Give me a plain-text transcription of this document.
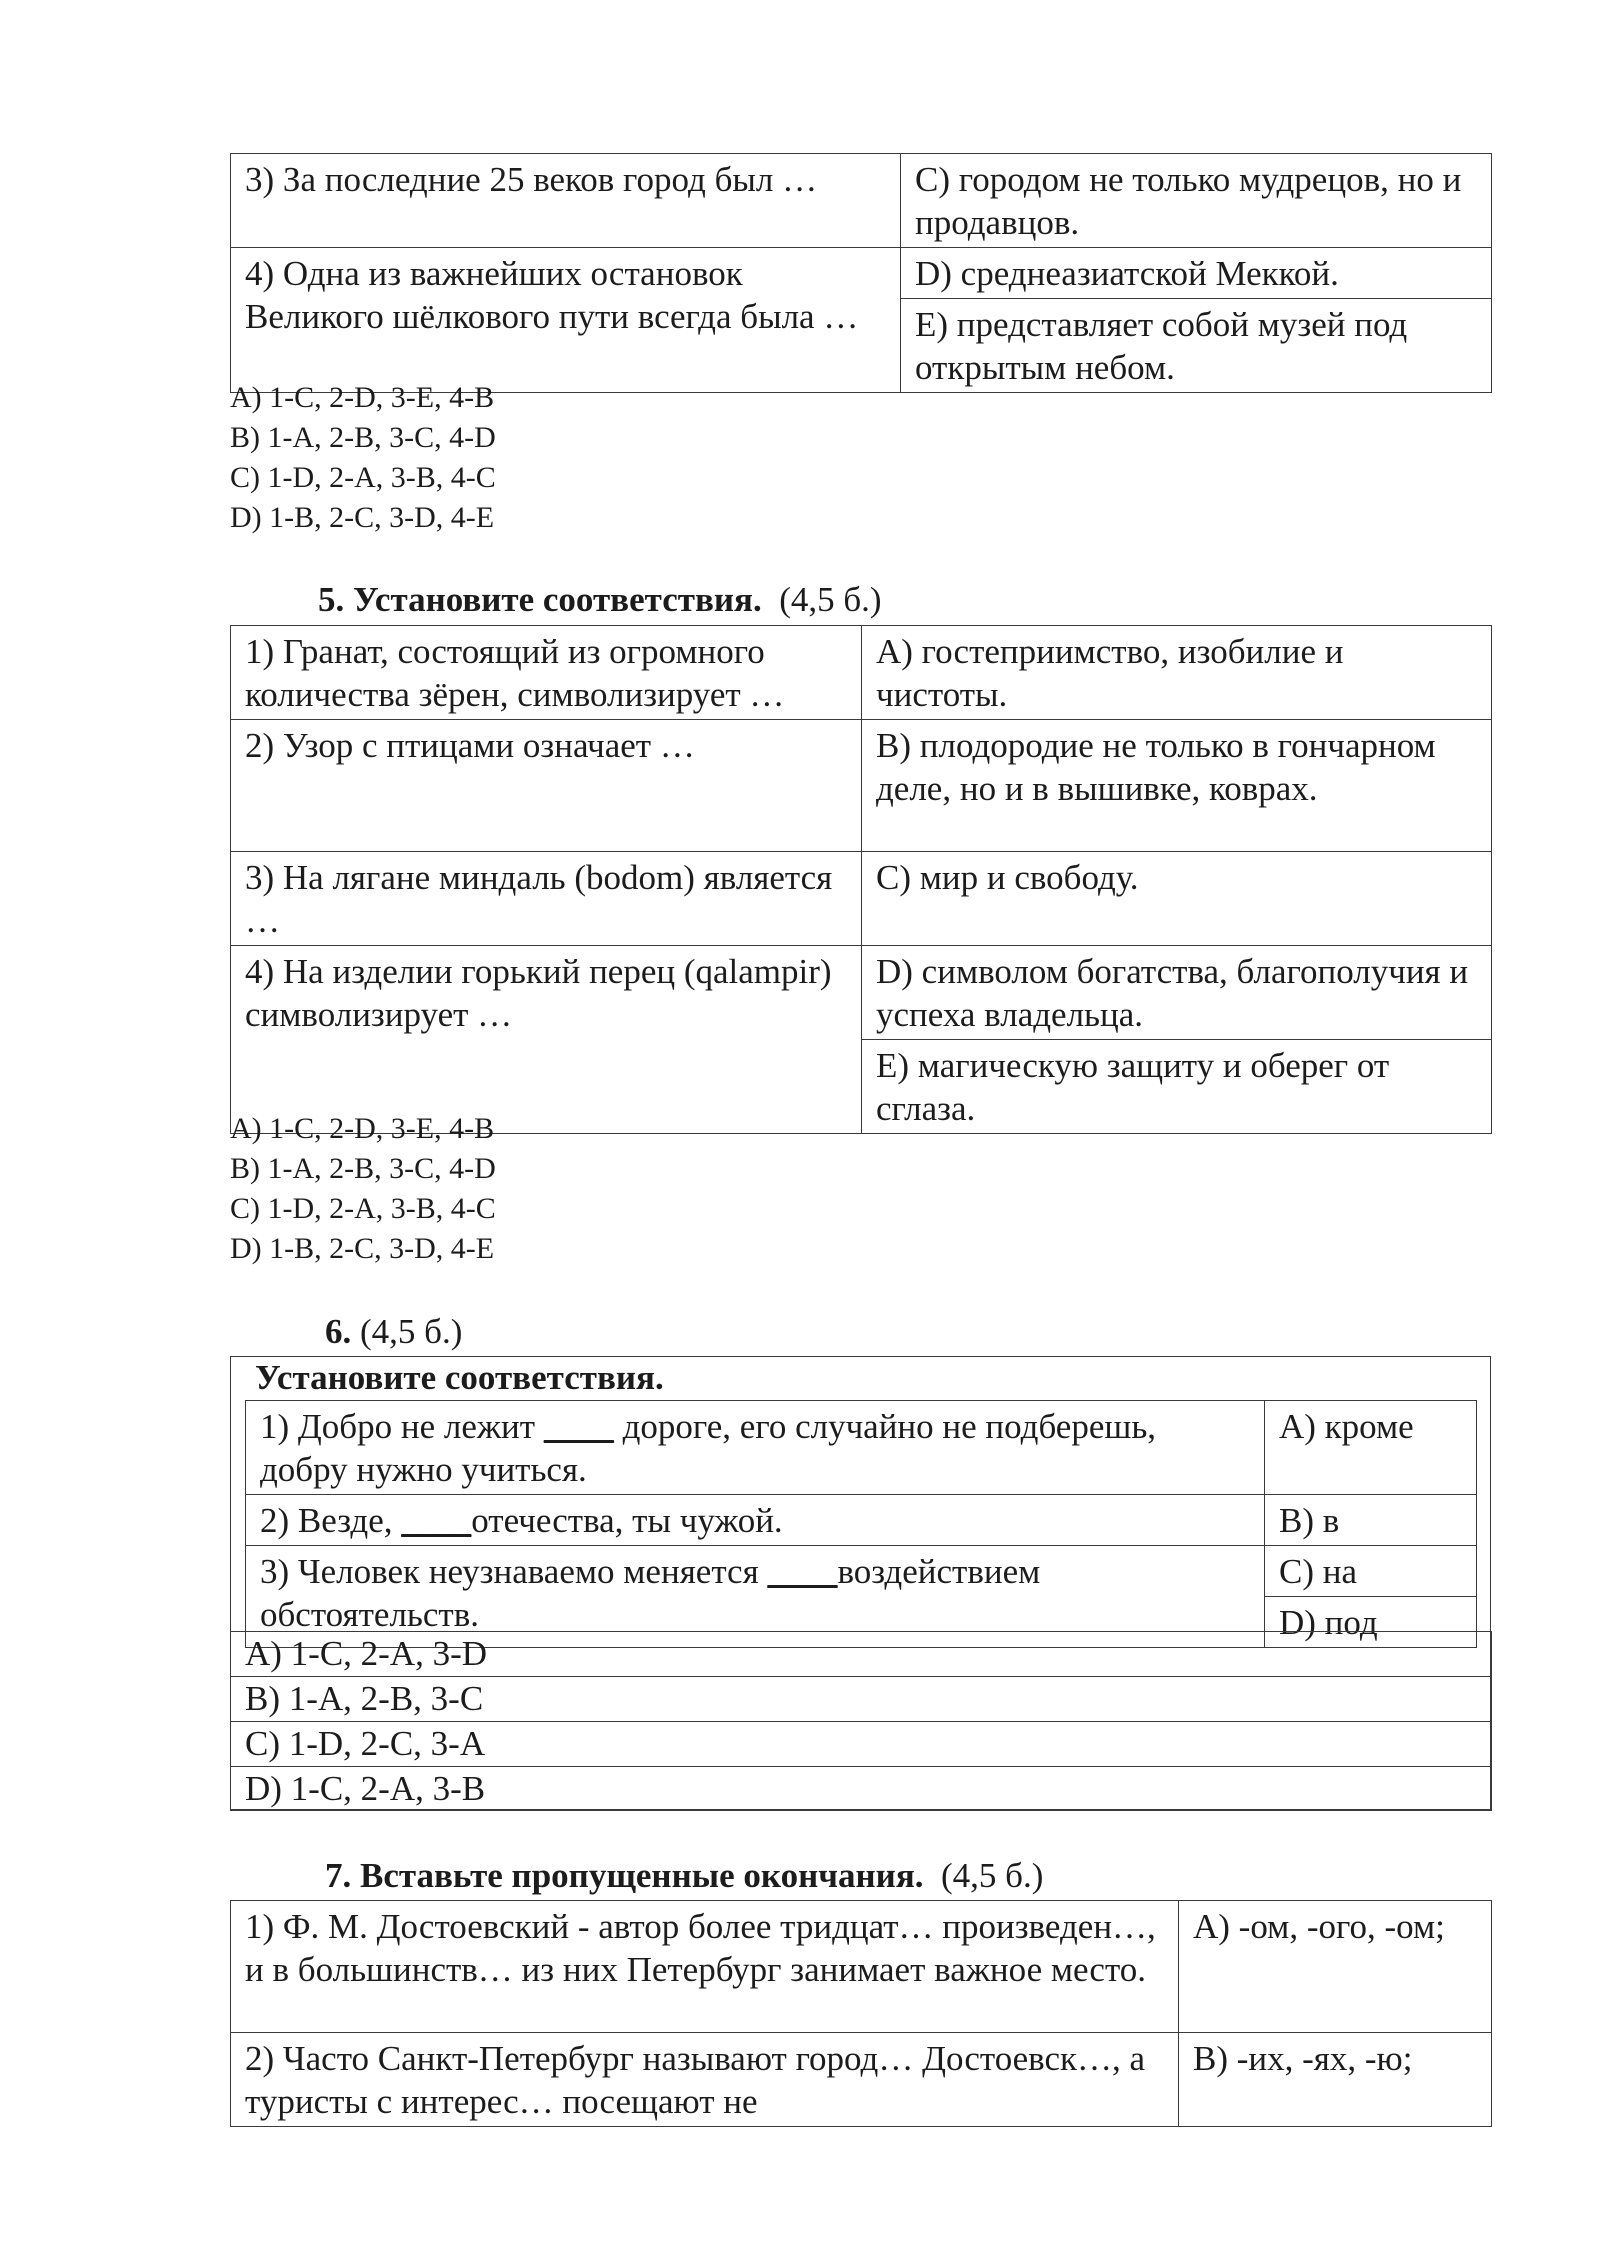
3) За последние 25 веков город был …	C) городом не только мудрецов, но и продавцов.
4) Одна из важнейших остановок Великого шёлкового пути всегда была …	D) среднеазиатской Меккой.
	E) представляет собой музей под открытым небом.
A) 1-C, 2-D, 3-E, 4-B
B) 1-A, 2-B, 3-C, 4-D
C) 1-D, 2-A, 3-B, 4-C
D) 1-B, 2-C, 3-D, 4-E
5. Установите соответствия. (4,5 б.)
1) Гранат, состоящий из огромного количества зёрен, символизирует …	A) гостеприимство, изобилие и чистоты.
2) Узор с птицами означает …	B) плодородие не только в гончарном деле, но и в вышивке, коврах.
3) На лягане миндаль (bodom) является …	C) мир и свободу.
4) На изделии горький перец (qalampir) символизирует …	D) символом богатства, благополучия и успеха владельца.
	E) магическую защиту и оберег от сглаза.
A) 1-C, 2-D, 3-E, 4-B
B) 1-A, 2-B, 3-C, 4-D
C) 1-D, 2-A, 3-B, 4-C
D) 1-B, 2-C, 3-D, 4-E
6. (4,5 б.)
Установите соответствия.
1) Добро не лежит ____ дороге, его случайно не подберешь, добру нужно учиться.	A) кроме
2) Везде, ____отечества, ты чужой.	B) в
3) Человек неузнаваемо меняется ____воздействием обстоятельств.	C) на
	D) под
A) 1-C, 2-A, 3-D
B) 1-A, 2-B, 3-C
C) 1-D, 2-C, 3-A
D) 1-C, 2-A, 3-B
7. Вставьте пропущенные окончания. (4,5 б.)
1) Ф. М. Достоевский - автор более тридцат… произведен…, и в большинств… из них Петербург занимает важное место.	A) -ом, -ого, -ом;
2) Часто Санкт-Петербург называют город… Достоевск…, а туристы с интерес… посещают не	B) -их, -ях, -ю;
